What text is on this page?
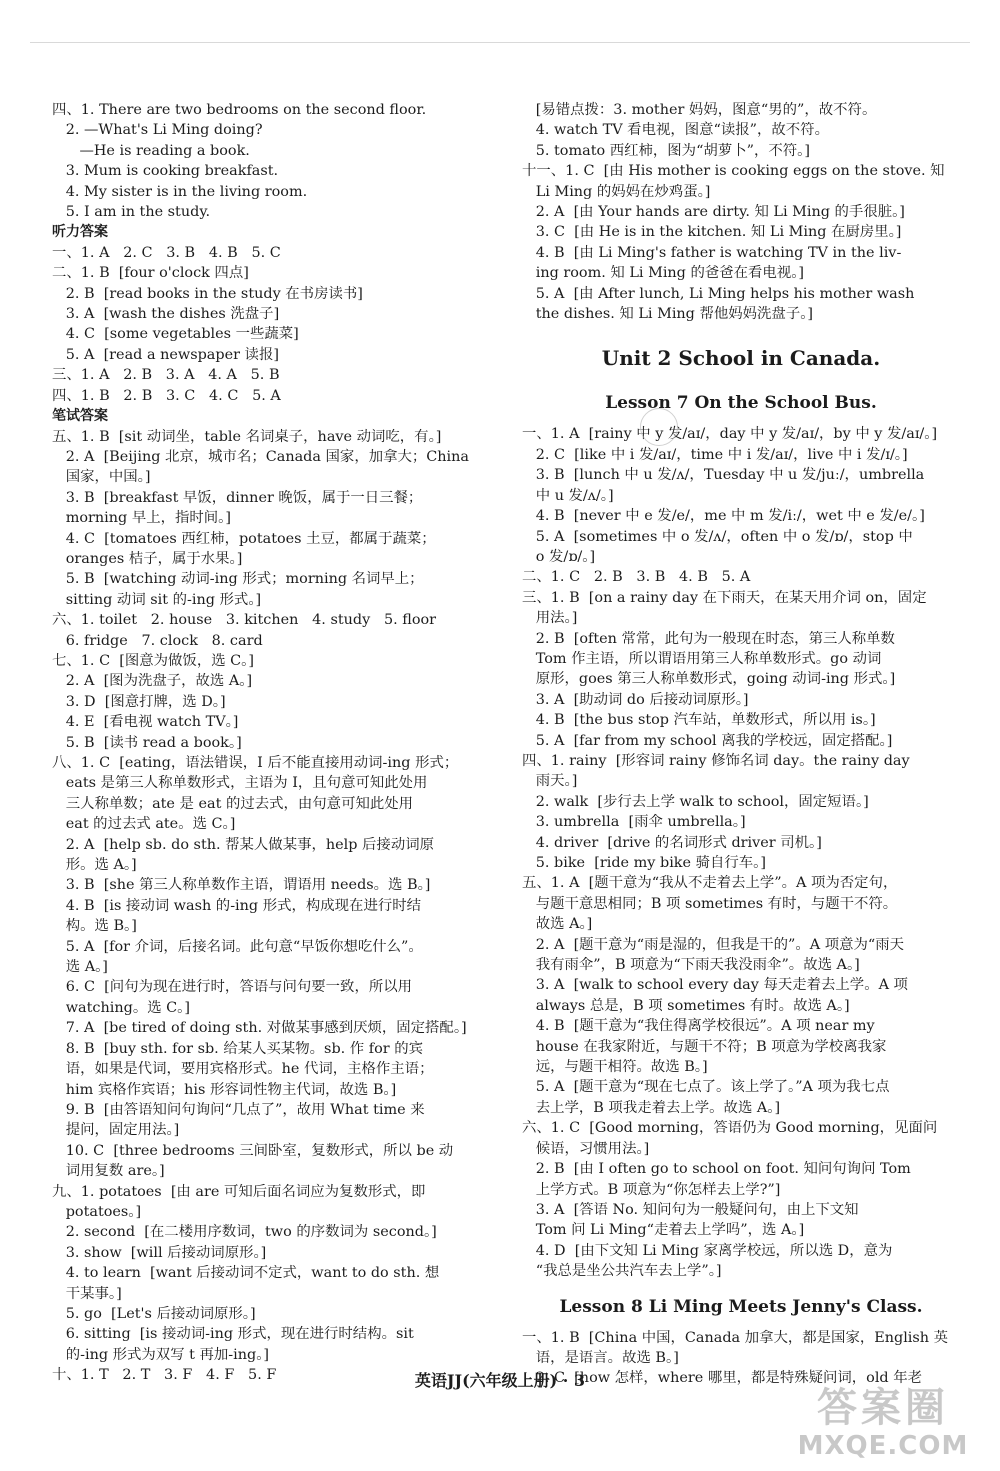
四、1. There are two bedrooms on the second floor.
2. —What's Li Ming doing?
—He is reading a book.
3. Mum is cooking breakfast.
4. My sister is in the living room.
5. I am in the study.
听力答案
一、1. A   2. C   3. B   4. B   5. C
二、1. B  [four o'clock 四点]
2. B  [read books in the study 在书房读书]
3. A  [wash the dishes 洗盘子]
4. C  [some vegetables 一些蔬菜]
5. A  [read a newspaper 读报]
三、1. A   2. B   3. A   4. A   5. B
四、1. B   2. B   3. C   4. C   5. A
笔试答案
五、1. B  [sit 动词坐，table 名词桌子，have 动词吃，有。]
2. A  [Beijing 北京，城市名；Canada 国家，加拿大；China
国家，中国。]
3. B  [breakfast 早饭，dinner 晚饭，属于一日三餐；
morning 早上，指时间。]
4. C  [tomatoes 西红柿，potatoes 土豆，都属于蔬菜；
oranges 桔子，属于水果。]
5. B  [watching 动词-ing 形式；morning 名词早上；
sitting 动词 sit 的-ing 形式。]
六、1. toilet   2. house   3. kitchen   4. study   5. floor
6. fridge   7. clock   8. card
七、1. C  [图意为做饭，选 C。]
2. A  [图为洗盘子，故选 A。]
3. D  [图意打牌，选 D。]
4. E  [看电视 watch TV。]
5. B  [读书 read a book。]
八、1. C  [eating，语法错误，I 后不能直接用动词-ing 形式；
eats 是第三人称单数形式，主语为 I，且句意可知此处用
三人称单数；ate 是 eat 的过去式，由句意可知此处用
eat 的过去式 ate。选 C。]
2. A  [help sb. do sth. 帮某人做某事，help 后接动词原
形。选 A。]
3. B  [she 第三人称单数作主语，谓语用 needs。选 B。]
4. B  [is 接动词 wash 的-ing 形式，构成现在进行时结
构。选 B。]
5. A  [for 介词，后接名词。此句意“早饭你想吃什么”。
选 A。]
6. C  [问句为现在进行时，答语与问句要一致，所以用
watching。选 C。]
7. A  [be tired of doing sth. 对做某事感到厌烦，固定搭配。]
8. B  [buy sth. for sb. 给某人买某物。sb. 作 for 的宾
语，如果是代词，要用宾格形式。he 代词，主格作主语；
him 宾格作宾语；his 形容词性物主代词，故选 B。]
9. B  [由答语知问句询问“几点了”，故用 What time 来
提问，固定用法。]
10. C  [three bedrooms 三间卧室，复数形式，所以 be 动
词用复数 are。]
九、1. potatoes  [由 are 可知后面名词应为复数形式，即
potatoes。]
2. second  [在二楼用序数词，two 的序数词为 second。]
3. show  [will 后接动词原形。]
4. to learn  [want 后接动词不定式，want to do sth. 想
干某事。]
5. go  [Let's 后接动词原形。]
6. sitting  [is 接动词-ing 形式，现在进行时结构。sit
的-ing 形式为双写 t 再加-ing。]
十、1. T   2. T   3. F   4. F   5. F
[易错点拨：3. mother 妈妈，图意“男的”，故不符。
4. watch TV 看电视，图意“读报”，故不符。
5. tomato 西红柿，图为“胡萝卜”，不符。]
十一、1. C  [由 His mother is cooking eggs on the stove. 知
Li Ming 的妈妈在炒鸡蛋。]
2. A  [由 Your hands are dirty. 知 Li Ming 的手很脏。]
3. C  [由 He is in the kitchen. 知 Li Ming 在厨房里。]
4. B  [由 Li Ming's father is watching TV in the liv-
ing room. 知 Li Ming 的爸爸在看电视。]
5. A  [由 After lunch, Li Ming helps his mother wash
the dishes. 知 Li Ming 帮他妈妈洗盘子。]
Unit 2 School in Canada.
Lesson 7 On the School Bus.
一、1. A  [rainy 中 y 发/aɪ/，day 中 y 发/aɪ/，by 中 y 发/aɪ/。]
2. C  [like 中 i 发/aɪ/，time 中 i 发/aɪ/，live 中 i 发/ɪ/。]
3. B  [lunch 中 u 发/ʌ/，Tuesday 中 u 发/juː/，umbrella
中 u 发/ʌ/。]
4. B  [never 中 e 发/e/，me 中 m 发/iː/，wet 中 e 发/e/。]
5. A  [sometimes 中 o 发/ʌ/，often 中 o 发/ɒ/，stop 中
o 发/ɒ/。]
二、1. C   2. B   3. B   4. B   5. A
三、1. B  [on a rainy day 在下雨天，在某天用介词 on，固定
用法。]
2. B  [often 常常，此句为一般现在时态，第三人称单数
Tom 作主语，所以谓语用第三人称单数形式。go 动词
原形，goes 第三人称单数形式，going 动词-ing 形式。]
3. A  [助动词 do 后接动词原形。]
4. B  [the bus stop 汽车站，单数形式，所以用 is。]
5. A  [far from my school 离我的学校远，固定搭配。]
四、1. rainy  [形容词 rainy 修饰名词 day。the rainy day
雨天。]
2. walk  [步行去上学 walk to school，固定短语。]
3. umbrella  [雨伞 umbrella。]
4. driver  [drive 的名词形式 driver 司机。]
5. bike  [ride my bike 骑自行车。]
五、1. A  [题干意为“我从不走着去上学”。A 项为否定句，
与题干意思相同；B 项 sometimes 有时，与题干不符。
故选 A。]
2. A  [题干意为“雨是湿的，但我是干的”。A 项意为“雨天
我有雨伞”，B 项意为“下雨天我没雨伞”。故选 A。]
3. A  [walk to school every day 每天走着去上学。A 项
always 总是，B 项 sometimes 有时。故选 A。]
4. B  [题干意为“我住得离学校很远”。A 项 near my
house 在我家附近，与题干不符；B 项意为学校离我家
远，与题干相符。故选 B。]
5. A  [题干意为“现在七点了。该上学了。”A 项为我七点
去上学，B 项我走着去上学。故选 A。]
六、1. C  [Good morning，答语仍为 Good morning，见面问
候语，习惯用法。]
2. B  [由 I often go to school on foot. 知问句询问 Tom
上学方式。B 项意为“你怎样去上学?”]
3. A  [答语 No. 知问句为一般疑问句，由上下文知
Tom 问 Li Ming“走着去上学吗”，选 A。]
4. D  [由下文知 Li Ming 家离学校远，所以选 D，意为
“我总是坐公共汽车去上学”。]
Lesson 8 Li Ming Meets Jenny's Class.
一、1. B  [China 中国，Canada 加拿大，都是国家，English 英
语，是语言。故选 B。]
2. C  [how 怎样，where 哪里，都是特殊疑问词，old 年老
英语JJ(六年级上册) · 3
答案圈
MXQE.COM
